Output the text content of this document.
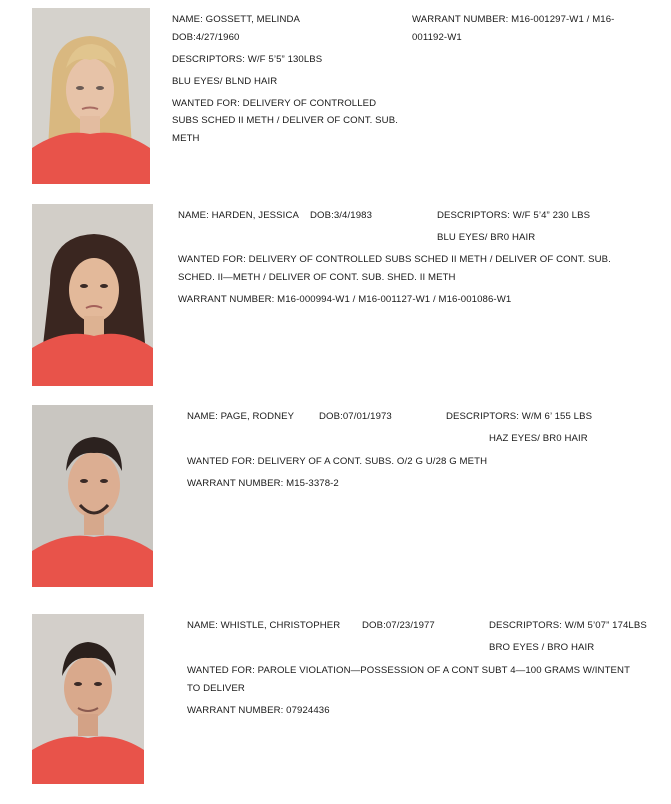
NAME: GOSSETT, MELINDA
DOB:4/27/1960
WARRANT NUMBER: M16-001297-W1 / M16-
001192-W1
DESCRIPTORS: W/F 5’5” 130LBS
BLU EYES/ BLND HAIR
WANTED FOR: DELIVERY OF CONTROLLED
SUBS SCHED II METH / DELIVER OF CONT. SUB.
METH
NAME: HARDEN, JESSICA DOB:3/4/1983	DESCRIPTORS: W/F 5’4” 230 LBS
BLU EYES/ BR0 HAIR
WANTED FOR: DELIVERY OF CONTROLLED SUBS SCHED II METH / DELIVER OF CONT. SUB.
SCHED. II—METH / DELIVER OF CONT. SUB. SHED. II METH
WARRANT NUMBER: M16-000994-W1 / M16-001127-W1 / M16-001086-W1
NAME: PAGE, RODNEY	DOB:07/01/1973	DESCRIPTORS: W/M 6’ 155 LBS
HAZ EYES/ BR0 HAIR
WANTED FOR: DELIVERY OF A CONT. SUBS. O/2 G U/28 G METH
WARRANT NUMBER: M15-3378-2
NAME: WHISTLE, CHRISTOPHER DOB:07/23/1977	DESCRIPTORS: W/M 5’07” 174LBS
BRO EYES / BRO HAIR
WANTED FOR: PAROLE VIOLATION—POSSESSION OF A CONT SUBT 4—100 GRAMS W/INTENT
TO DELIVER
WARRANT NUMBER: 07924436
